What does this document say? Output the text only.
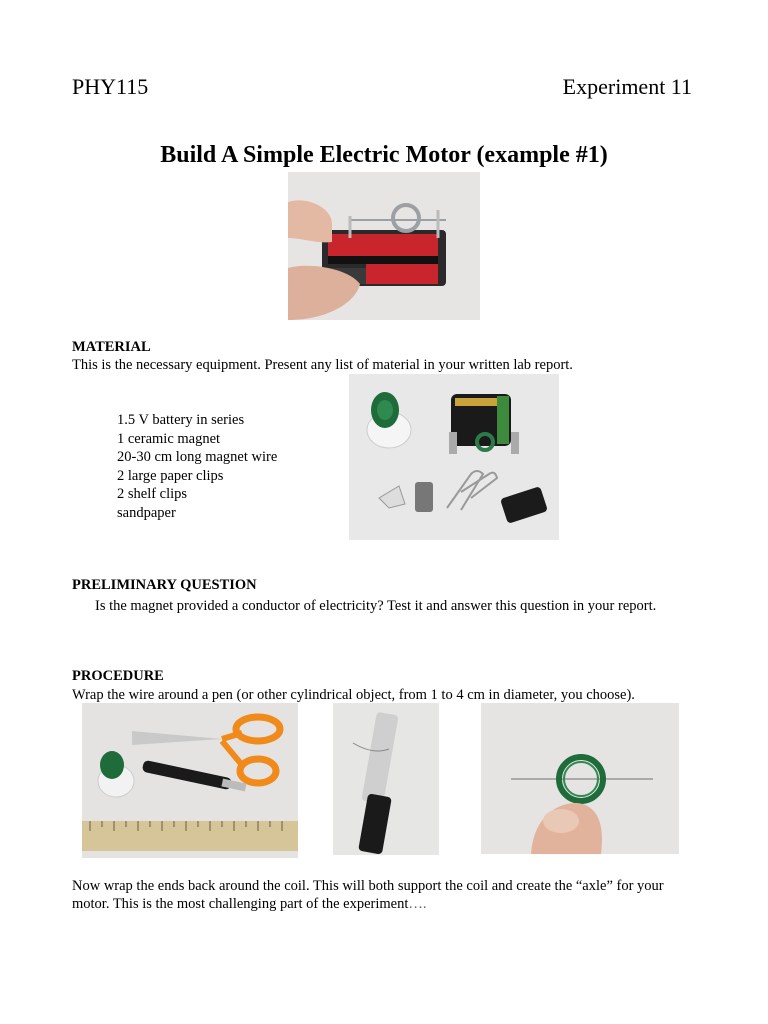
PHY115	Experiment 11
Build A Simple Electric Motor (example #1)
MATERIAL
This is the necessary equipment. Present any list of material in your written lab report.
1.5 V battery in series
1 ceramic magnet
20-30 cm long magnet wire
2 large paper clips
2 shelf clips
sandpaper
PRELIMINARY QUESTION
Is the magnet provided a conductor of electricity? Test it and answer this question in your report.
PROCEDURE
Wrap the wire around a pen (or other cylindrical object, from 1 to 4 cm in diameter, you choose).
Now wrap the ends back around the coil. This will both support the coil and create the “axle” for your
motor. This is the most challenging part of the experiment….
